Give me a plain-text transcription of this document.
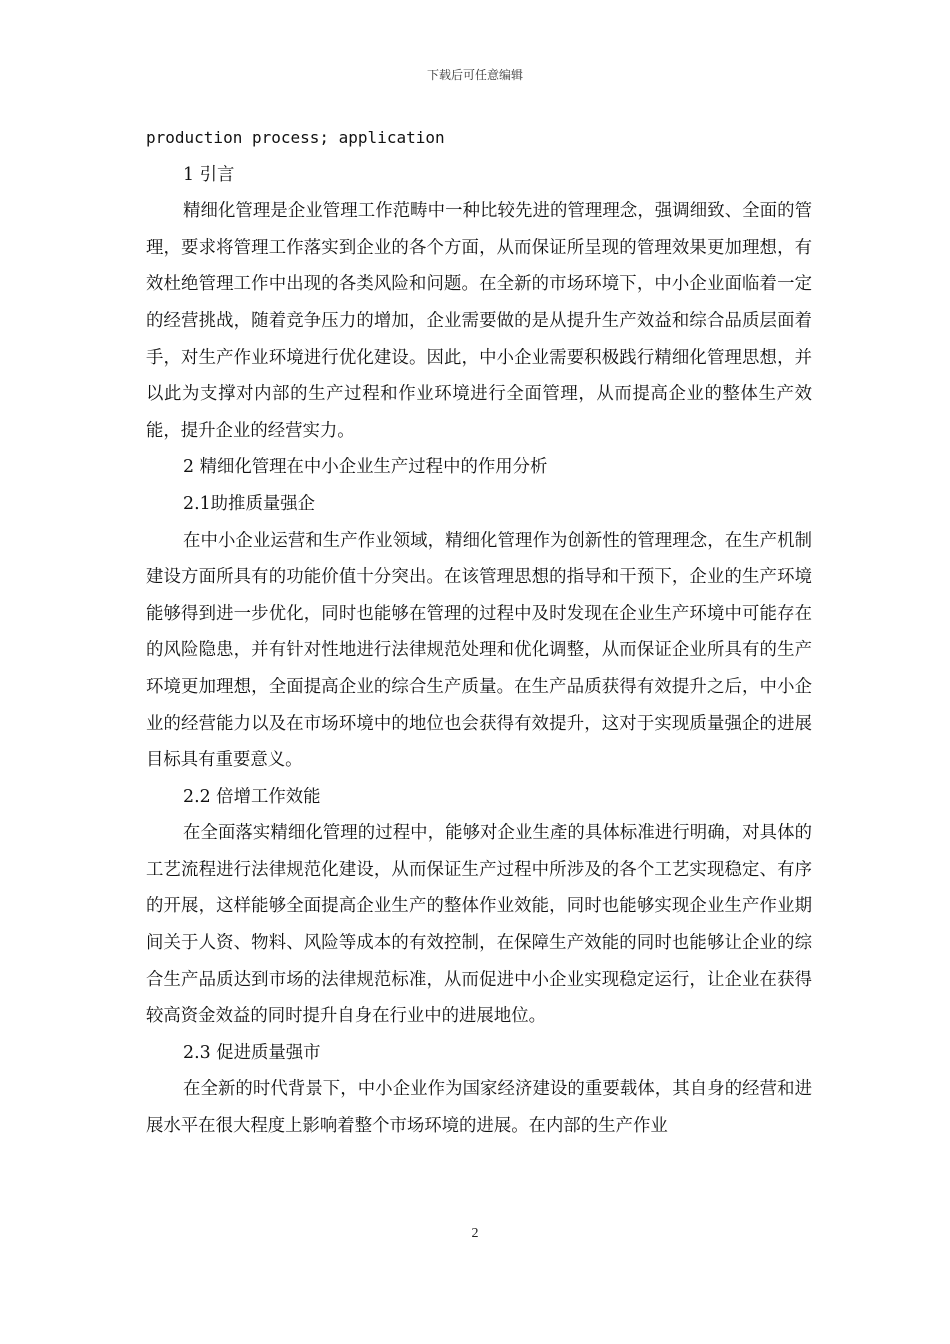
下载后可任意编辑

production process; application

1 引言

精细化管理是企业管理工作范畴中一种比较先进的管理理念，强调细致、全面的管理，要求将管理工作落实到企业的各个方面，从而保证所呈现的管理效果更加理想，有效杜绝管理工作中出现的各类风险和问题。在全新的市场环境下，中小企业面临着一定的经营挑战，随着竞争压力的增加，企业需要做的是从提升生产效益和综合品质层面着手，对生产作业环境进行优化建设。因此，中小企业需要积极践行精细化管理思想，并以此为支撑对内部的生产过程和作业环境进行全面管理，从而提高企业的整体生产效能，提升企业的经营实力。

2 精细化管理在中小企业生产过程中的作用分析

2.1助推质量强企

在中小企业运营和生产作业领域，精细化管理作为创新性的管理理念，在生产机制建设方面所具有的功能价值十分突出。在该管理思想的指导和干预下，企业的生产环境能够得到进一步优化，同时也能够在管理的过程中及时发现在企业生产环境中可能存在的风险隐患，并有针对性地进行法律规范处理和优化调整，从而保证企业所具有的生产环境更加理想，全面提高企业的综合生产质量。在生产品质获得有效提升之后，中小企业的经营能力以及在市场环境中的地位也会获得有效提升，这对于实现质量强企的进展目标具有重要意义。

2.2 倍增工作效能

在全面落实精细化管理的过程中，能够对企业生產的具体标准进行明确，对具体的工艺流程进行法律规范化建设，从而保证生产过程中所涉及的各个工艺实现稳定、有序的开展，这样能够全面提高企业生产的整体作业效能，同时也能够实现企业生产作业期间关于人资、物料、风险等成本的有效控制，在保障生产效能的同时也能够让企业的综合生产品质达到市场的法律规范标准，从而促进中小企业实现稳定运行，让企业在获得较高资金效益的同时提升自身在行业中的进展地位。

2.3 促进质量强市

在全新的时代背景下，中小企业作为国家经济建设的重要载体，其自身的经营和进展水平在很大程度上影响着整个市场环境的进展。在内部的生产作业

2
